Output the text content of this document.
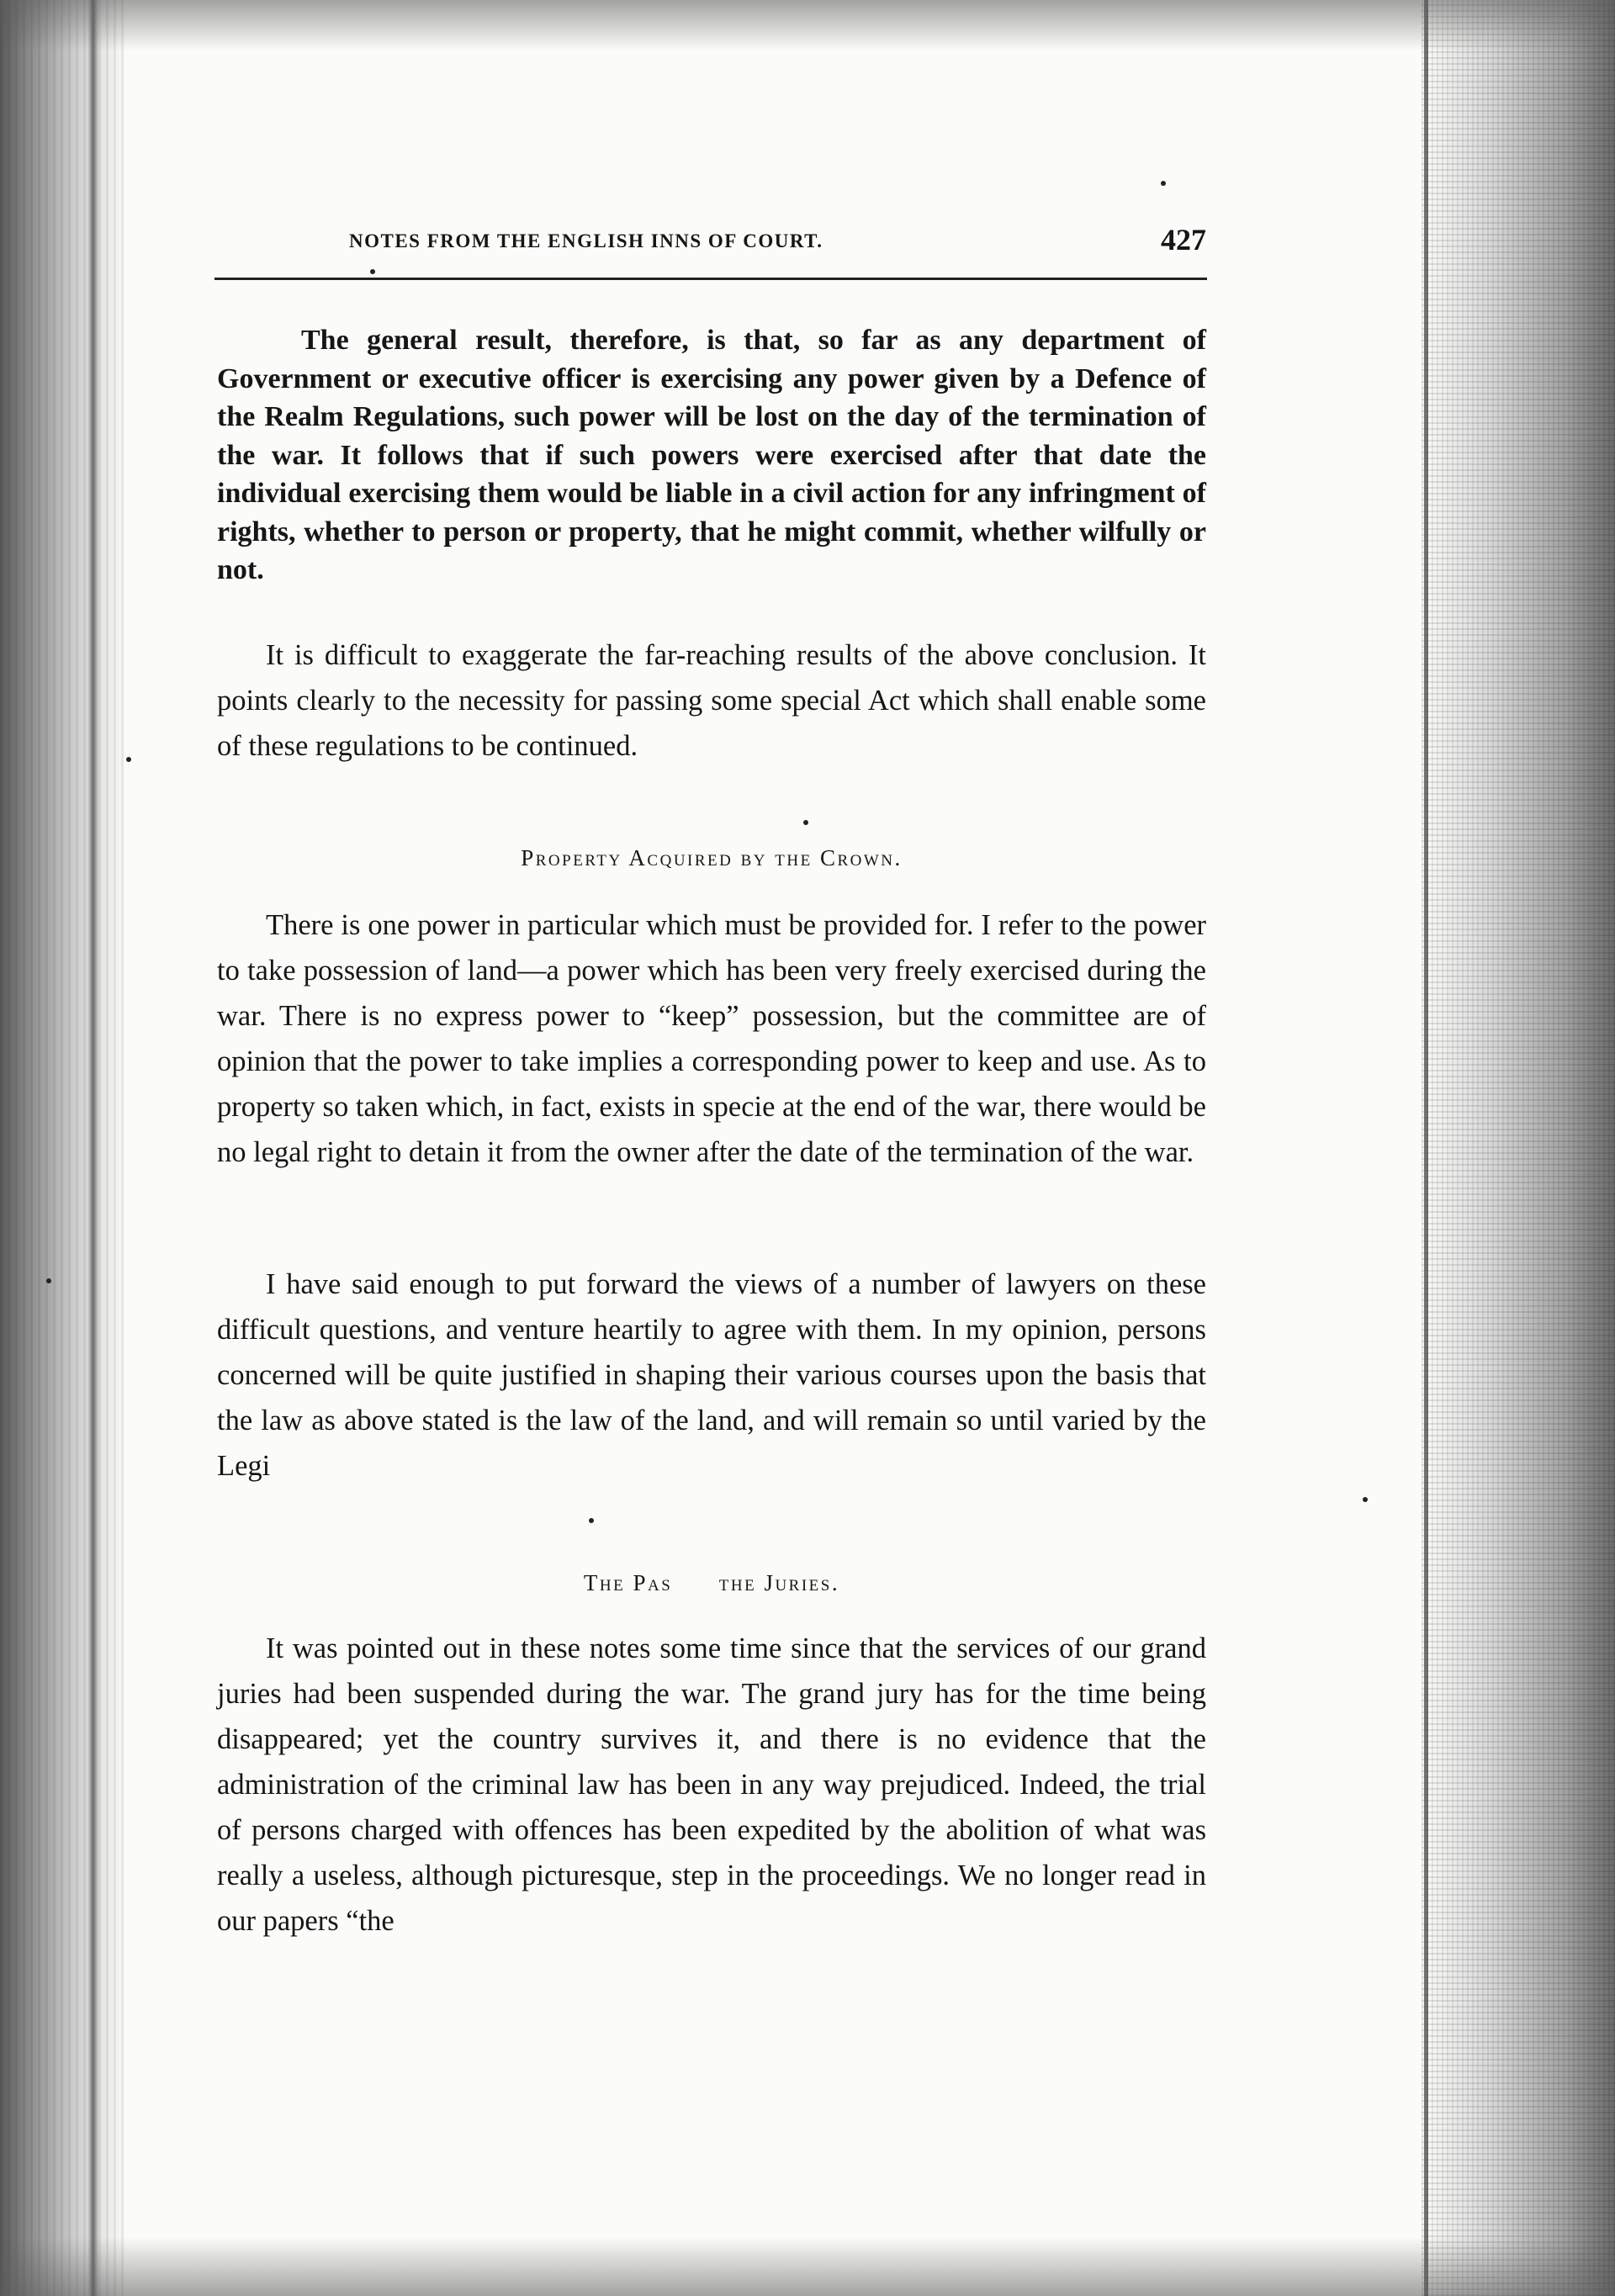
NOTES FROM THE ENGLISH INNS OF COURT.	427

The general result, therefore, is that, so far as any department of Government or executive officer is exercising any power given by a Defence of the Realm Regulations, such power will be lost on the day of the termination of the war. It follows that if such powers were exercised after that date the individual exercising them would be liable in a civil action for any infringment of rights, whether to person or property, that he might commit, whether wilfully or not.

It is difficult to exaggerate the far-reaching results of the above conclusion. It points clearly to the necessity for passing some special Act which shall enable some of these regulations to be continued.

Property Acquired by the Crown.

There is one power in particular which must be provided for. I refer to the power to take possession of land—a power which has been very freely exercised during the war. There is no express power to “keep” possession, but the committee are of opinion that the power to take implies a corresponding power to keep and use. As to property so taken which, in fact, exists in specie at the end of the war, there would be no legal right to detain it from the owner after the date of the termination of the war.

I have said enough to put forward the views of a number of lawyers on these difficult questions, and venture heartily to agree with them. In my opinion, persons concerned will be quite justified in shaping their various courses upon the basis that the law as above stated is the law of the land, and will remain so until varied by the Legi

The Pas      the Juries.

It was pointed out in these notes some time since that the services of our grand juries had been suspended during the war. The grand jury has for the time being disappeared; yet the country survives it, and there is no evidence that the administration of the criminal law has been in any way prejudiced. Indeed, the trial of persons charged with offences has been expedited by the abolition of what was really a useless, although picturesque, step in the proceedings. We no longer read in our papers “the
